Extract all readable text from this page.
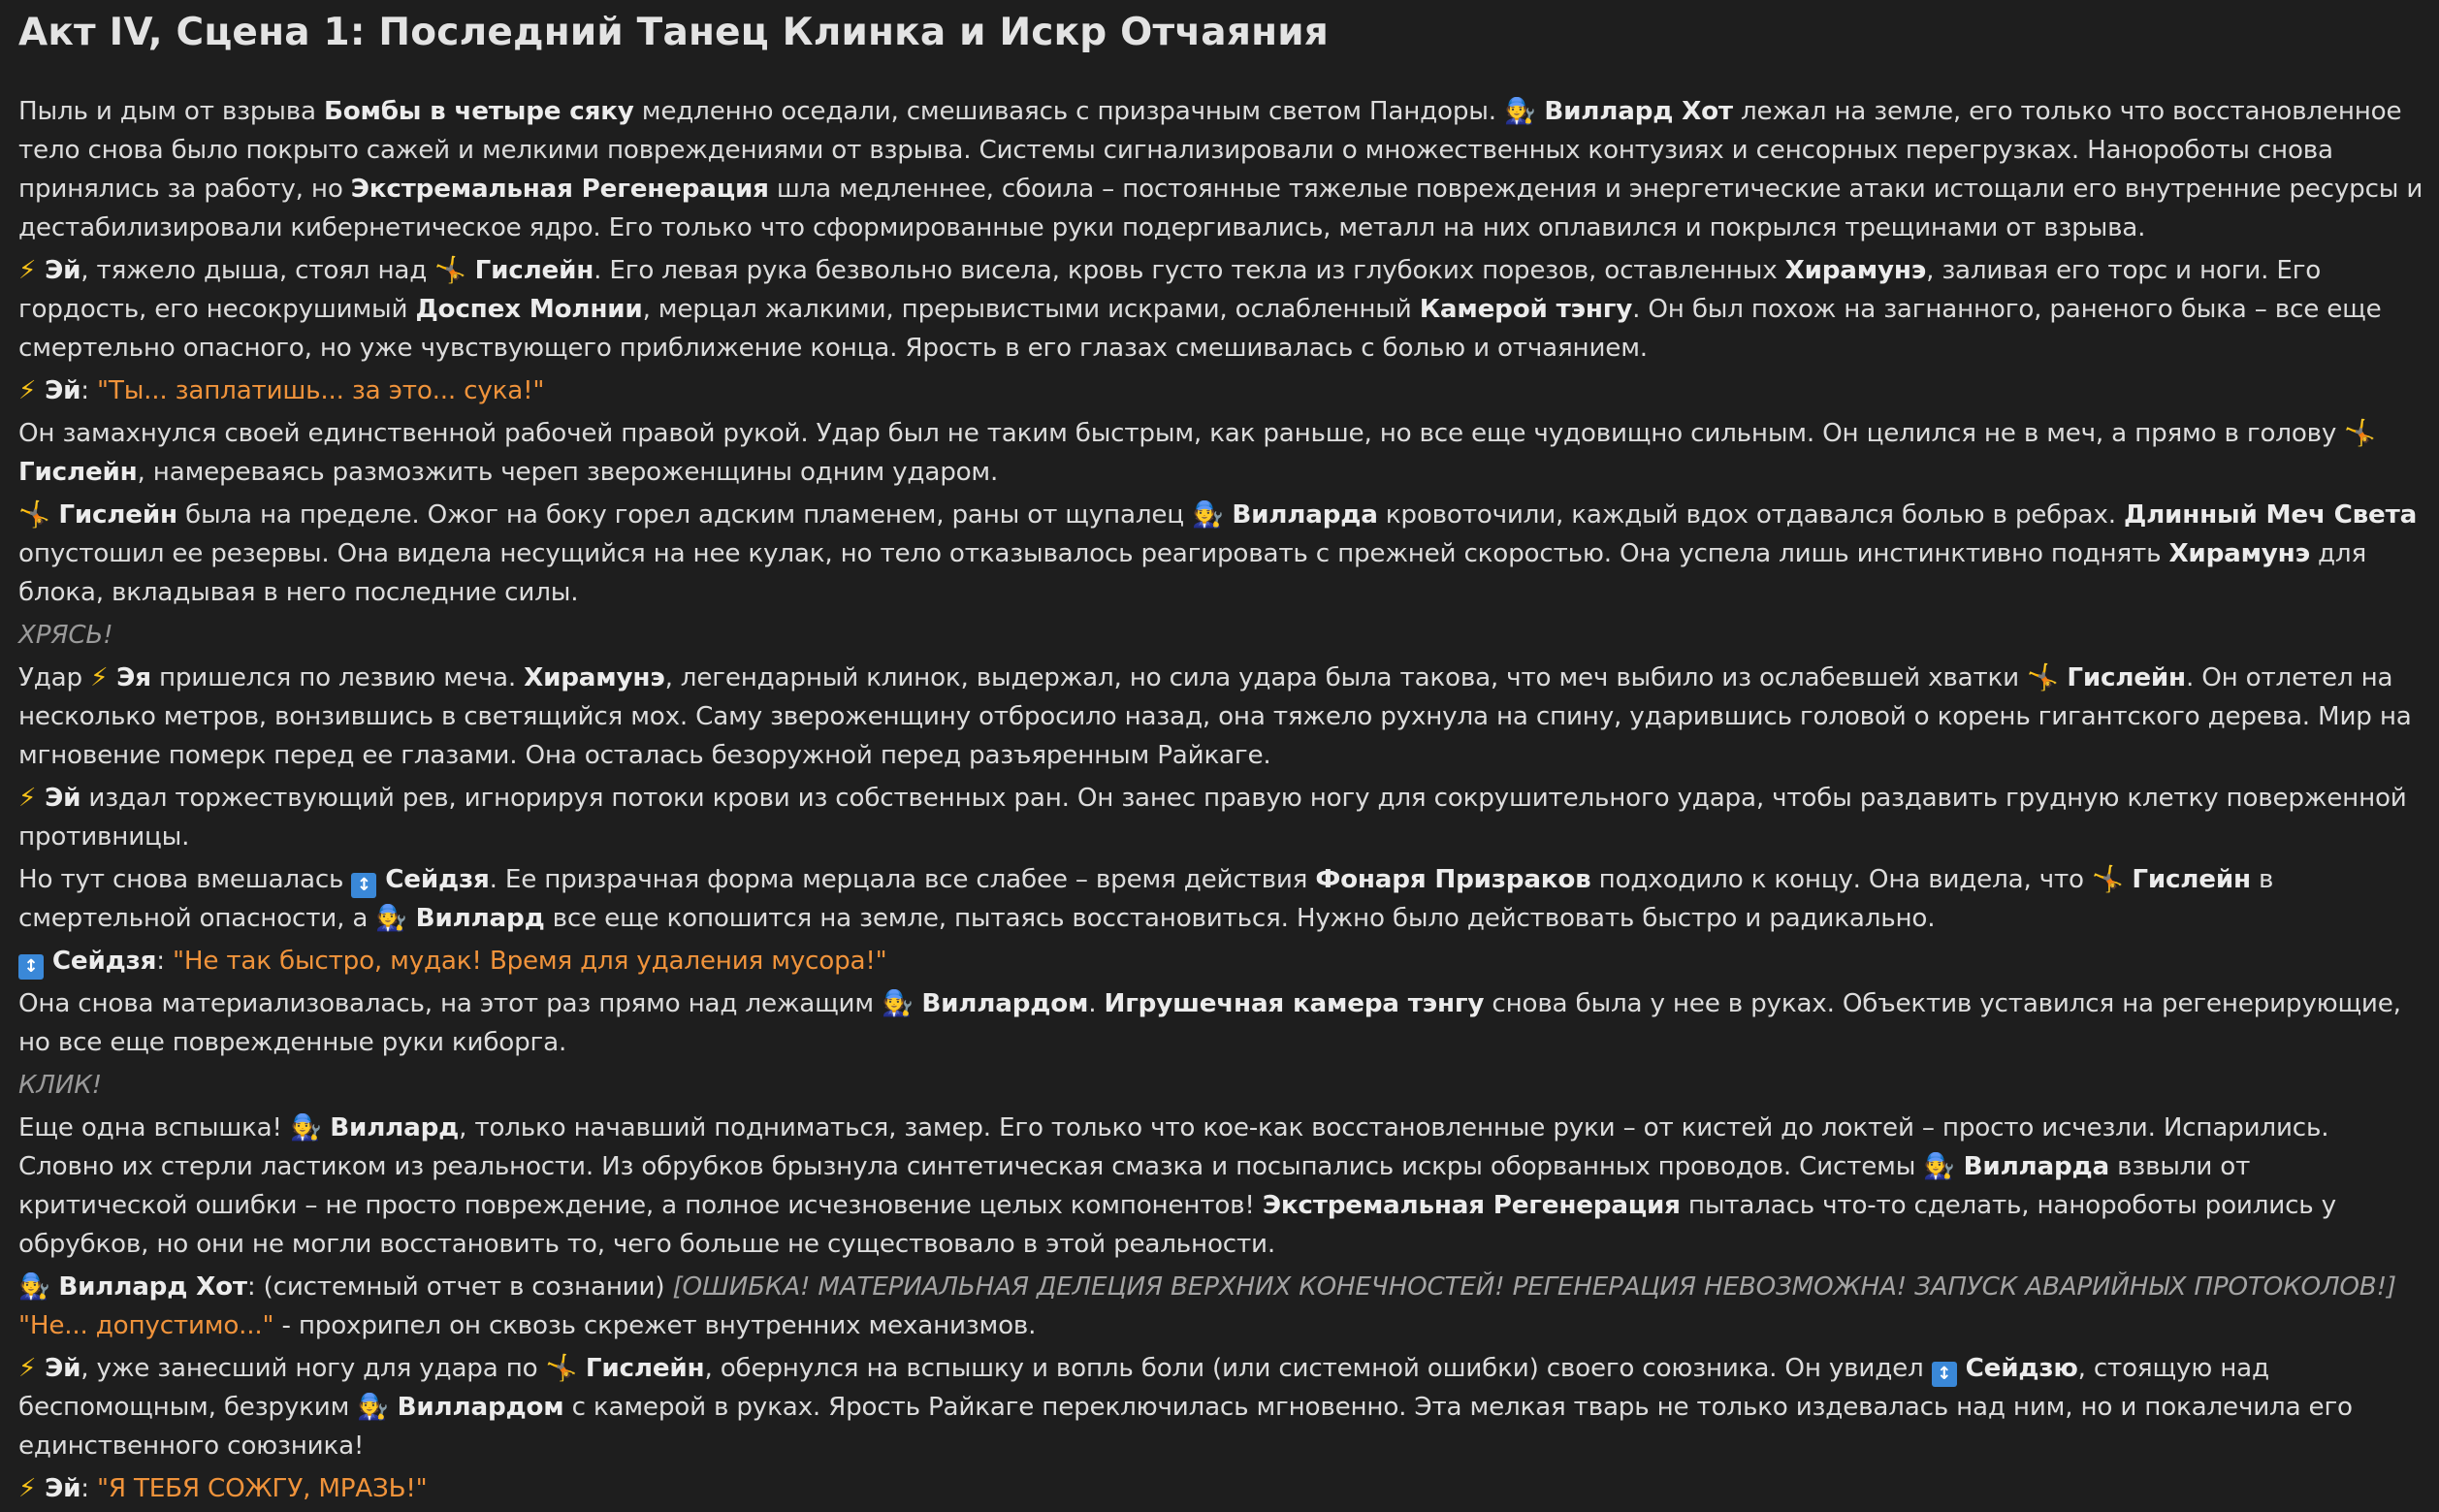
Акт IV, Сцена 1: Последний Танец Клинка и Искр Отчаяния

Пыль и дым от взрыва Бомбы в четыре сяку медленно оседали, смешиваясь с призрачным светом Пандоры. 🧑‍🔧 Виллард Хот лежал на земле, его только что восстановленное тело снова было покрыто сажей и мелкими повреждениями от взрыва. Системы сигнализировали о множественных контузиях и сенсорных перегрузках. Нанороботы снова принялись за работу, но Экстремальная Регенерация шла медленнее, сбоила – постоянные тяжелые повреждения и энергетические атаки истощали его внутренние ресурсы и дестабилизировали кибернетическое ядро. Его только что сформированные руки подергивались, металл на них оплавился и покрылся трещинами от взрыва.

⚡ Эй, тяжело дыша, стоял над 🤸 Гислейн. Его левая рука безвольно висела, кровь густо текла из глубоких порезов, оставленных Хирамунэ, заливая его торс и ноги. Его гордость, его несокрушимый Доспех Молнии, мерцал жалкими, прерывистыми искрами, ослабленный Камерой тэнгу. Он был похож на загнанного, раненого быка – все еще смертельно опасного, но уже чувствующего приближение конца. Ярость в его глазах смешивалась с болью и отчаянием.

⚡ Эй: "Ты... заплатишь... за это... сука!"

Он замахнулся своей единственной рабочей правой рукой. Удар был не таким быстрым, как раньше, но все еще чудовищно сильным. Он целился не в меч, а прямо в голову 🤸 Гислейн, намереваясь размозжить череп звероженщины одним ударом.

🤸 Гислейн была на пределе. Ожог на боку горел адским пламенем, раны от щупалец 🧑‍🔧 Вилларда кровоточили, каждый вдох отдавался болью в ребрах. Длинный Меч Света опустошил ее резервы. Она видела несущийся на нее кулак, но тело отказывалось реагировать с прежней скоростью. Она успела лишь инстинктивно поднять Хирамунэ для блока, вкладывая в него последние силы.

ХРЯСЬ!

Удар ⚡ Эя пришелся по лезвию меча. Хирамунэ, легендарный клинок, выдержал, но сила удара была такова, что меч выбило из ослабевшей хватки 🤸 Гислейн. Он отлетел на несколько метров, вонзившись в светящийся мох. Саму звероженщину отбросило назад, она тяжело рухнула на спину, ударившись головой о корень гигантского дерева. Мир на мгновение померк перед ее глазами. Она осталась безоружной перед разъяренным Райкаге.

⚡ Эй издал торжествующий рев, игнорируя потоки крови из собственных ран. Он занес правую ногу для сокрушительного удара, чтобы раздавить грудную клетку поверженной противницы.

Но тут снова вмешалась ↕ Сейдзя. Ее призрачная форма мерцала все слабее – время действия Фонаря Призраков подходило к концу. Она видела, что 🤸 Гислейн в смертельной опасности, а 🧑‍🔧 Виллард все еще копошится на земле, пытаясь восстановиться. Нужно было действовать быстро и радикально.

↕ Сейдзя: "Не так быстро, мудак! Время для удаления мусора!"

Она снова материализовалась, на этот раз прямо над лежащим 🧑‍🔧 Виллардом. Игрушечная камера тэнгу снова была у нее в руках. Объектив уставился на регенерирующие, но все еще поврежденные руки киборга.

КЛИК!

Еще одна вспышка! 🧑‍🔧 Виллард, только начавший подниматься, замер. Его только что кое-как восстановленные руки – от кистей до локтей – просто исчезли. Испарились. Словно их стерли ластиком из реальности. Из обрубков брызнула синтетическая смазка и посыпались искры оборванных проводов. Системы 🧑‍🔧 Вилларда взвыли от критической ошибки – не просто повреждение, а полное исчезновение целых компонентов! Экстремальная Регенерация пыталась что-то сделать, нанороботы роились у обрубков, но они не могли восстановить то, чего больше не существовало в этой реальности.

🧑‍🔧 Виллард Хот: (системный отчет в сознании) [ОШИБКА! МАТЕРИАЛЬНАЯ ДЕЛЕЦИЯ ВЕРХНИХ КОНЕЧНОСТЕЙ! РЕГЕНЕРАЦИЯ НЕВОЗМОЖНА! ЗАПУСК АВАРИЙНЫХ ПРОТОКОЛОВ!] "Не... допустимо..." - прохрипел он сквозь скрежет внутренних механизмов.

⚡ Эй, уже занесший ногу для удара по 🤸 Гислейн, обернулся на вспышку и вопль боли (или системной ошибки) своего союзника. Он увидел ↕ Сейдзю, стоящую над беспомощным, безруким 🧑‍🔧 Виллардом с камерой в руках. Ярость Райкаге переключилась мгновенно. Эта мелкая тварь не только издевалась над ним, но и покалечила его единственного союзника!

⚡ Эй: "Я ТЕБЯ СОЖГУ, МРАЗЬ!"
